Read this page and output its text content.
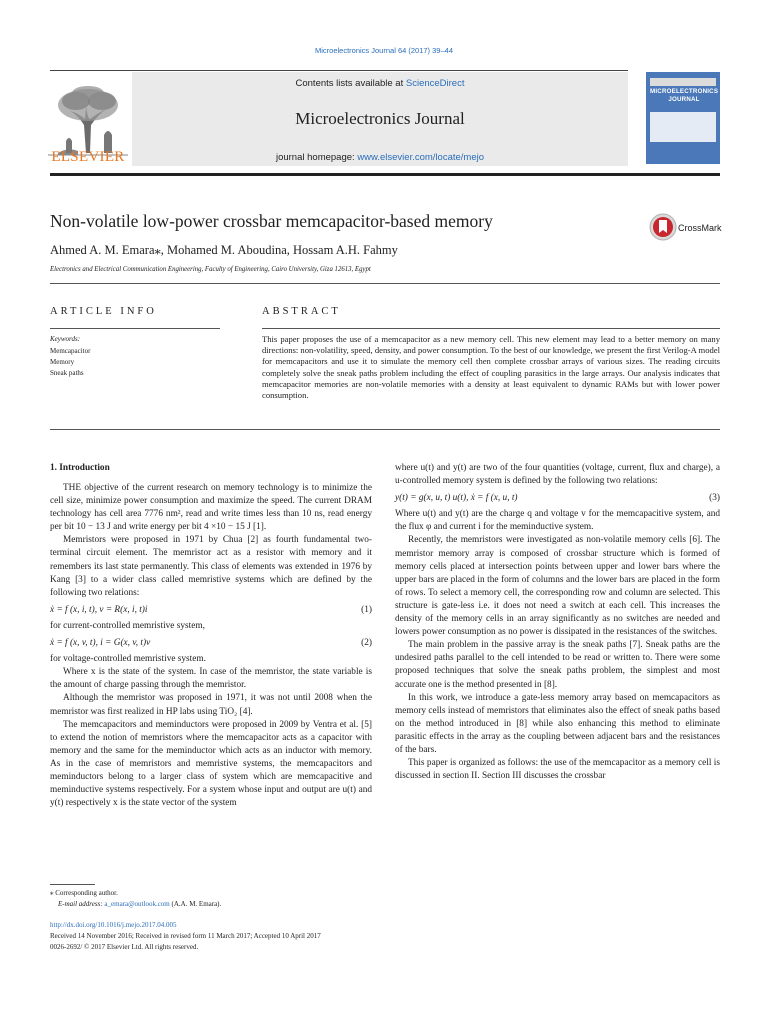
Microelectronics Journal 64 (2017) 39–44
ELSEVIER
Contents lists available at ScienceDirect
Microelectronics Journal
journal homepage: www.elsevier.com/locate/mejo
MICROELECTRONICS
JOURNAL
Non-volatile low-power crossbar memcapacitor-based memory	CrossMark
Ahmed A. M. Emara⁎, Mohamed M. Aboudina, Hossam A.H. Fahmy
Electronics and Electrical Communication Engineering, Faculty of Engineering, Cairo University, Giza 12613, Egypt
ARTICLE INFO	ABSTRACT
Keywords:
Memcapacitor
Memory
Sneak paths
This paper proposes the use of a memcapacitor as a new memory cell. This new element may lead to a better memory on many directions: non-volatility, speed, density, and power consumption. To the best of our knowledge, we present the first Verilog-A model for memcapacitors and use it to simulate the memory cell then complete crossbar arrays of various sizes. The reading circuits completely solve the sneak paths problem including the effect of coupling parasitics in the large arrays. Our analysis indicates that memcapacitor memories are non-volatile memories with a density at least equivalent to dynamic RAMs but with lower power consumption.
1. Introduction

THE objective of the current research on memory technology is to minimize the cell size, minimize power consumption and maximize the speed. The current DRAM technology has cell area 7776 nm², read and write times less than 10 ns, read energy per bit 10 − 13 J and write energy per bit 4 ×10 − 15 J [1].

Memristors were proposed in 1971 by Chua [2] as fourth fundamental two-terminal circuit element. The memristor act as a resistor with memory and it remembers its last state permanently. This class of elements was extended in 1976 by Kang [3] to a wider class called memristive systems which are defined by the following two relations:

ẋ = f (x, i, t), v = R(x, i, t)i	(1)

for current-controlled memristive system,

ẋ = f (x, v, t), i = G(x, v, t)v	(2)

for voltage-controlled memristive system.

Where x is the state of the system. In case of the memristor, the state variable is the amount of charge passing through the memristor.

Although the memristor was proposed in 1971, it was not until 2008 when the memristor was first realized in HP labs using TiO₂ [4].

The memcapacitors and meminductors were proposed in 2009 by Ventra et al. [5] to extend the notion of memristors where the memcapacitor acts as a capacitor with memory and the same for the meminductor which acts as an inductor with memory. As in the case of memristors and memristive systems, the memcapacitors and meminductors belong to a larger class of system which are memcapacitive and meminductive systems respectively. For a system whose input and output are u(t) and y(t) respectively x is the state vector of the system

where u(t) and y(t) are two of the four quantities (voltage, current, flux and charge), a u-controlled memory system is defined by the following two relations:

y(t) = g(x, u, t) u(t), ẋ = f (x, u, t)	(3)

Where u(t) and y(t) are the charge q and voltage v for the memcapacitive system, and the flux φ and current i for the meminductive system.

Recently, the memristors were investigated as non-volatile memory cells [6]. The memristor memory array is composed of crossbar structure which is formed of memory cells placed at intersection points between upper and lower bars where the upper bars are placed in the form of columns and the lower bars are placed in the form of rows. To select a memory cell, the corresponding row and column are selected. This structure is gate-less i.e. it does not need a switch at each cell. This increases the density of the memory cells in an array significantly as no switches are needed and lowers power consumption as no power is dissipated in the resistances of the switches.

The main problem in the passive array is the sneak paths [7]. Sneak paths are the undesired paths parallel to the cell intended to be read or written to. There were some proposed techniques that solve the sneak paths problem, the simplest and most accurate one is the method presented in [8].

In this work, we introduce a gate-less memory array based on memcapacitors as memory cells instead of memristors that eliminates also the effect of sneak paths based on the method introduced in [8] while also enhancing this method to eliminate parasitic effects in the array as the coupling between adjacent bars and the resistances of the bars.

This paper is organized as follows: the use of the memcapacitor as a memory cell is discussed in section II. Section III discusses the crossbar

⁎ Corresponding author.
E-mail address: a_emara@outlook.com (A.A. M. Emara).
http://dx.doi.org/10.1016/j.mejo.2017.04.005
Received 14 November 2016; Received in revised form 11 March 2017; Accepted 10 April 2017
0026-2692/ © 2017 Elsevier Ltd. All rights reserved.
